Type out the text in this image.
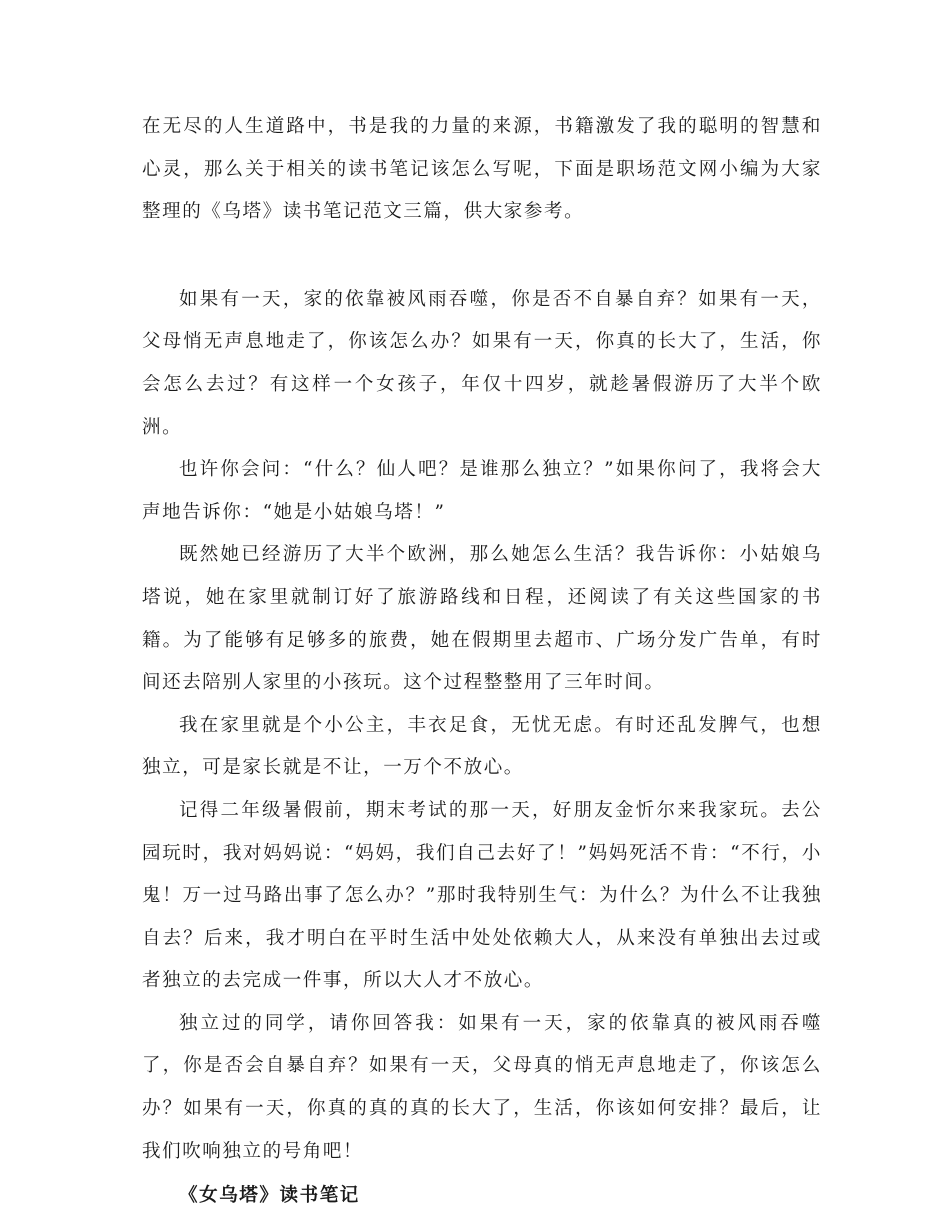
在无尽的人生道路中，书是我的力量的来源，书籍激发了我的聪明的智慧和心灵，那么关于相关的读书笔记该怎么写呢，下面是职场范文网小编为大家整理的《乌塔》读书笔记范文三篇，供大家参考。

如果有一天，家的依靠被风雨吞噬，你是否不自暴自弃？如果有一天，父母悄无声息地走了，你该怎么办？如果有一天，你真的长大了，生活，你会怎么去过？有这样一个女孩子，年仅十四岁，就趁暑假游历了大半个欧洲。

也许你会问：“什么？仙人吧？是谁那么独立？”如果你问了，我将会大声地告诉你：“她是小姑娘乌塔！”

既然她已经游历了大半个欧洲，那么她怎么生活？我告诉你：小姑娘乌塔说，她在家里就制订好了旅游路线和日程，还阅读了有关这些国家的书籍。为了能够有足够多的旅费，她在假期里去超市、广场分发广告单，有时间还去陪别人家里的小孩玩。这个过程整整用了三年时间。

我在家里就是个小公主，丰衣足食，无忧无虑。有时还乱发脾气，也想独立，可是家长就是不让，一万个不放心。

记得二年级暑假前，期末考试的那一天，好朋友金忻尔来我家玩。去公园玩时，我对妈妈说：“妈妈，我们自己去好了！”妈妈死活不肯：“不行，小鬼！万一过马路出事了怎么办？”那时我特别生气：为什么？为什么不让我独自去？后来，我才明白在平时生活中处处依赖大人，从来没有单独出去过或者独立的去完成一件事，所以大人才不放心。

独立过的同学，请你回答我：如果有一天，家的依靠真的被风雨吞噬了，你是否会自暴自弃？如果有一天，父母真的悄无声息地走了，你该怎么办？如果有一天，你真的真的真的长大了，生活，你该如何安排？最后，让我们吹响独立的号角吧！

《女乌塔》读书笔记
